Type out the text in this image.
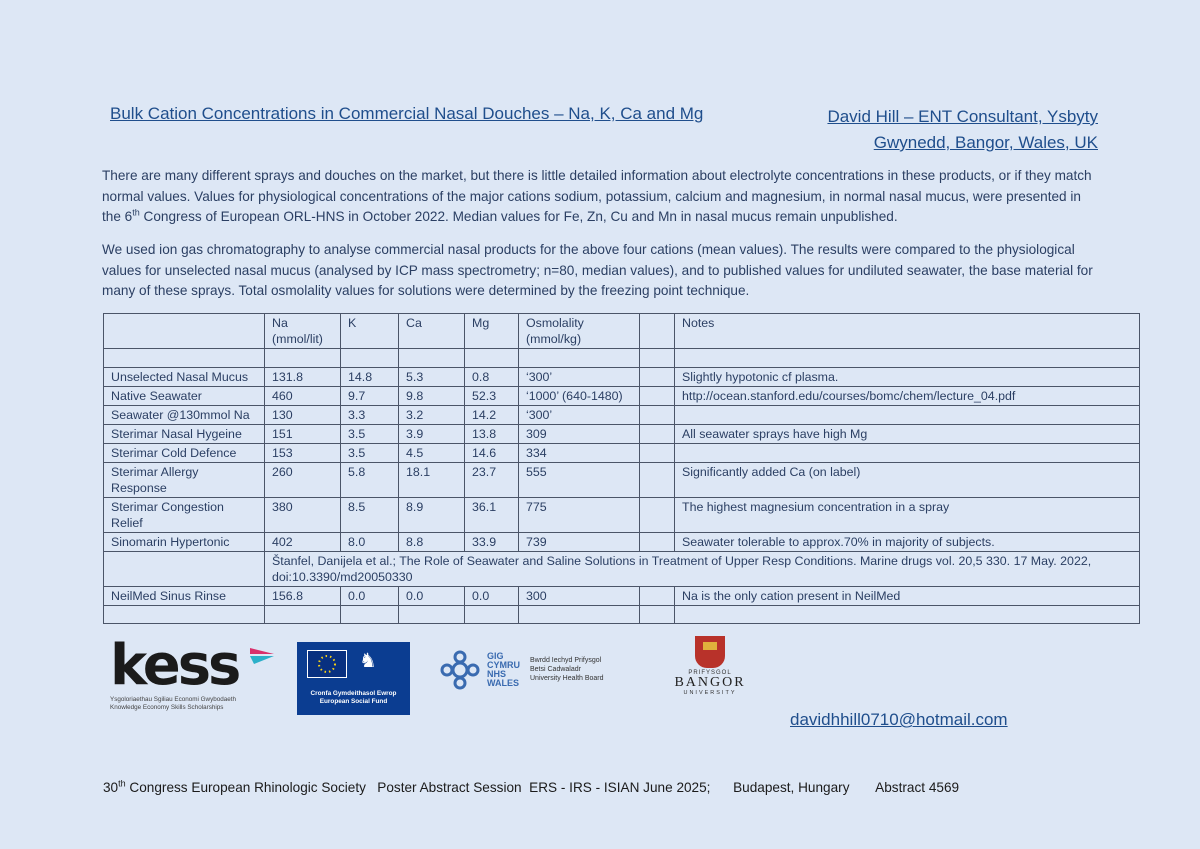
Bulk Cation Concentrations in Commercial Nasal Douches – Na, K, Ca and Mg	David Hill – ENT Consultant, Ysbyty
Gwynedd, Bangor, Wales, UK
There are many different sprays and douches on the market, but there is little detailed information about electrolyte concentrations in these products, or if they match normal values. Values for physiological concentrations of the major cations sodium, potassium, calcium and magnesium, in normal nasal mucus, were presented in the 6th Congress of European ORL-HNS in October 2022. Median values for Fe, Zn, Cu and Mn in nasal mucus remain unpublished.
We used ion gas chromatography to analyse commercial nasal products for the above four cations (mean values). The results were compared to the physiological values for unselected nasal mucus (analysed by ICP mass spectrometry; n=80, median values), and to published values for undiluted seawater, the base material for many of these sprays. Total osmolality values for solutions were determined by the freezing point technique.
	Na
(mmol/lit)	K	Ca	Mg	Osmolality
(mmol/kg)		Notes

Unselected Nasal Mucus	131.8	14.8	5.3	0.8	‘300’		Slightly hypotonic cf plasma.
Native Seawater	460	9.7	9.8	52.3	‘1000’ (640-1480)		http://ocean.stanford.edu/courses/bomc/chem/lecture_04.pdf
Seawater @130mmol Na	130	3.3	3.2	14.2	‘300’		
Sterimar Nasal Hygeine	151	3.5	3.9	13.8	309		All seawater sprays have high Mg
Sterimar Cold Defence	153	3.5	4.5	14.6	334		
Sterimar Allergy Response	260	5.8	18.1	23.7	555		Significantly added Ca (on label)
Sterimar Congestion Relief	380	8.5	8.9	36.1	775		The highest magnesium concentration in a spray
Sinomarin Hypertonic	402	8.0	8.8	33.9	739		Seawater tolerable to approx.70% in majority of subjects.
	Štanfel, Danijela et al.; The Role of Seawater and Saline Solutions in Treatment of Upper Resp Conditions. Marine drugs vol. 20,5 330. 17 May. 2022, doi:10.3390/md20050330						
NeilMed Sinus Rinse	156.8	0.0	0.0	0.0	300		Na is the only cation present in NeilMed

kess
Ysgoloriaethau Sgiliau Economi Gwybodaeth
Knowledge Economy Skills Scholarships
♞
Cronfa Gymdeithasol Ewrop
European Social Fund
GIG
CYMRU
NHS
WALES
Bwrdd Iechyd Prifysgol
Betsi Cadwaladr
University Health Board
PRIFYSGOL
BANGOR
UNIVERSITY
davidhhill0710@hotmail.com
30th Congress European Rhinologic Society   Poster Abstract Session  ERS - IRS - ISIAN June 2025;      Budapest, Hungary       Abstract 4569
